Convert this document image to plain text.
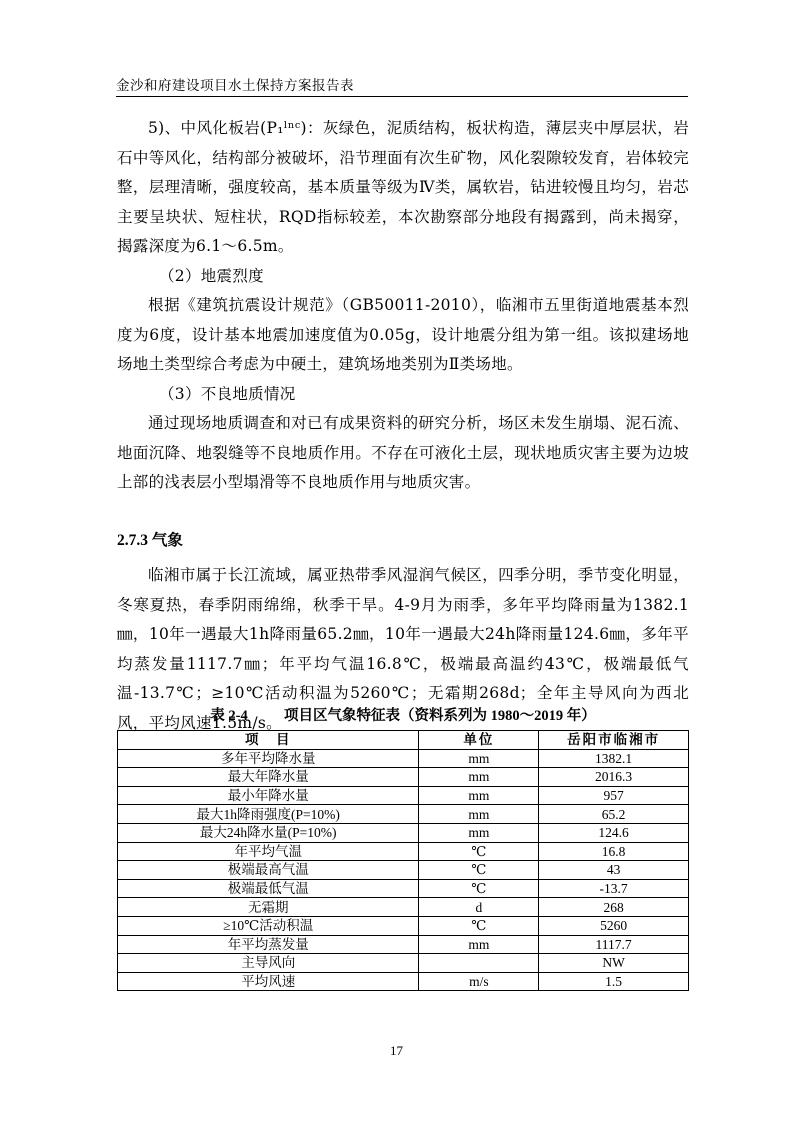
金沙和府建设项目水土保持方案报告表

5)、中风化板岩(P₁ˡⁿᶜ)：灰绿色，泥质结构，板状构造，薄层夹中厚层状，岩石中等风化，结构部分被破坏，沿节理面有次生矿物，风化裂隙较发育，岩体较完整，层理清晰，强度较高，基本质量等级为Ⅳ类，属软岩，钻进较慢且均匀，岩芯主要呈块状、短柱状，RQD指标较差，本次勘察部分地段有揭露到，尚未揭穿，揭露深度为6.1～6.5m。

（2）地震烈度

根据《建筑抗震设计规范》（GB50011-2010），临湘市五里街道地震基本烈度为6度，设计基本地震加速度值为0.05g，设计地震分组为第一组。该拟建场地场地土类型综合考虑为中硬土，建筑场地类别为Ⅱ类场地。

（3）不良地质情况

通过现场地质调查和对已有成果资料的研究分析，场区未发生崩塌、泥石流、地面沉降、地裂缝等不良地质作用。不存在可液化土层，现状地质灾害主要为边坡上部的浅表层小型塌滑等不良地质作用与地质灾害。

2.7.3 气象

临湘市属于长江流域，属亚热带季风湿润气候区，四季分明，季节变化明显，冬寒夏热，春季阴雨绵绵，秋季干旱。4-9月为雨季，多年平均降雨量为1382.1㎜，10年一遇最大1h降雨量65.2㎜，10年一遇最大24h降雨量124.6㎜，多年平均蒸发量1117.7㎜；年平均气温16.8℃，极端最高温约43℃，极端最低气温-13.7℃；≥10℃活动积温为5260℃；无霜期268d；全年主导风向为西北风，平均风速1.5m/s。

表 2-4          项目区气象特征表（资料系列为 1980～2019 年）
项　目	单位	岳阳市临湘市
多年平均降水量	mm	1382.1
最大年降水量	mm	2016.3
最小年降水量	mm	957
最大1h降雨强度(P=10%)	mm	65.2
最大24h降水量(P=10%)	mm	124.6
年平均气温	℃	16.8
极端最高气温	℃	43
极端最低气温	℃	-13.7
无霜期	d	268
≥10℃活动积温	℃	5260
年平均蒸发量	mm	1117.7
主导风向		NW
平均风速	m/s	1.5
17
